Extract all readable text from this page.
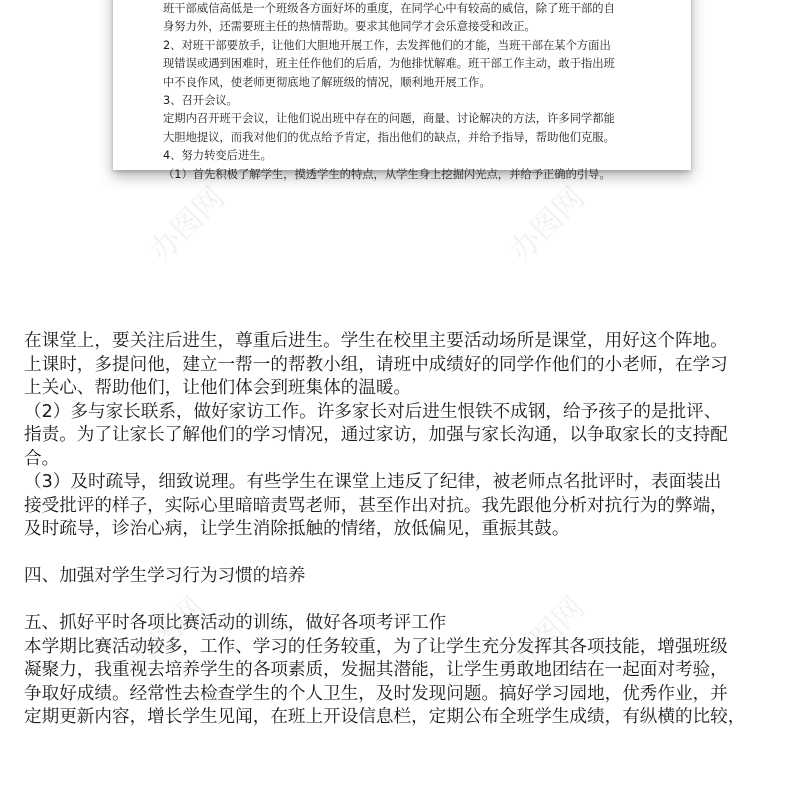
班干部威信高低是一个班级各方面好坏的重度，在同学心中有较高的威信，除了班干部的自
身努力外，还需要班主任的热情帮助。要求其他同学才会乐意接受和改正。
2、对班干部要放手，让他们大胆地开展工作，去发挥他们的才能，当班干部在某个方面出
现错误或遇到困难时，班主任作他们的后盾，为他排忧解难。班干部工作主动，敢于指出班
中不良作风，使老师更彻底地了解班级的情况，顺利地开展工作。
3、召开会议。
定期内召开班干会议，让他们说出班中存在的问题，商量、讨论解决的方法，许多同学都能
大胆地提议，而我对他们的优点给予肯定，指出他们的缺点，并给予指导，帮助他们克服。
4、努力转变后进生。
（1）首先积极了解学生，摸透学生的特点，从学生身上挖掘闪光点，并给予正确的引导。
办图网	办图网
办图网	办图网
在课堂上，要关注后进生，尊重后进生。学生在校里主要活动场所是课堂，用好这个阵地。
上课时，多提问他，建立一帮一的帮教小组，请班中成绩好的同学作他们的小老师，在学习
上关心、帮助他们，让他们体会到班集体的温暖。
（2）多与家长联系，做好家访工作。许多家长对后进生恨铁不成钢，给予孩子的是批评、
指责。为了让家长了解他们的学习情况，通过家访，加强与家长沟通，以争取家长的支持配
合。
（3）及时疏导，细致说理。有些学生在课堂上违反了纪律，被老师点名批评时，表面装出
接受批评的样子，实际心里暗暗责骂老师，甚至作出对抗。我先跟他分析对抗行为的弊端，
及时疏导，诊治心病，让学生消除抵触的情绪，放低偏见，重振其鼓。
四、加强对学生学习行为习惯的培养
五、抓好平时各项比赛活动的训练，做好各项考评工作
本学期比赛活动较多，工作、学习的任务较重，为了让学生充分发挥其各项技能，增强班级
凝聚力，我重视去培养学生的各项素质，发掘其潜能，让学生勇敢地团结在一起面对考验，
争取好成绩。经常性去检查学生的个人卫生，及时发现问题。搞好学习园地，优秀作业，并
定期更新内容，增长学生见闻，在班上开设信息栏，定期公布全班学生成绩，有纵横的比较，
